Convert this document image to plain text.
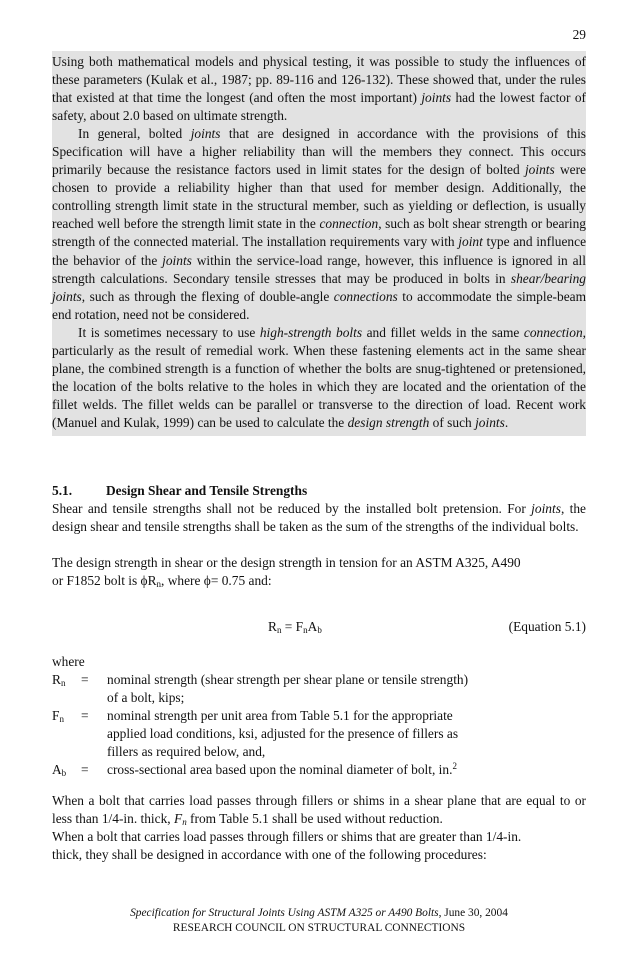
29

Using both mathematical models and physical testing, it was possible to study the influences of these parameters (Kulak et al., 1987; pp. 89-116 and 126-132). These showed that, under the rules that existed at that time the longest (and often the most important) joints had the lowest factor of safety, about 2.0 based on ultimate strength.

In general, bolted joints that are designed in accordance with the provisions of this Specification will have a higher reliability than will the members they connect. This occurs primarily because the resistance factors used in limit states for the design of bolted joints were chosen to provide a reliability higher than that used for member design. Additionally, the controlling strength limit state in the structural member, such as yielding or deflection, is usually reached well before the strength limit state in the connection, such as bolt shear strength or bearing strength of the connected material. The installation requirements vary with joint type and influence the behavior of the joints within the service-load range, however, this influence is ignored in all strength calculations. Secondary tensile stresses that may be produced in bolts in shear/bearing joints, such as through the flexing of double-angle connections to accommodate the simple-beam end rotation, need not be considered.

It is sometimes necessary to use high-strength bolts and fillet welds in the same connection, particularly as the result of remedial work. When these fastening elements act in the same shear plane, the combined strength is a function of whether the bolts are snug-tightened or pretensioned, the location of the bolts relative to the holes in which they are located and the orientation of the fillet welds. The fillet welds can be parallel or transverse to the direction of load. Recent work (Manuel and Kulak, 1999) can be used to calculate the design strength of such joints.

5.1.	Design Shear and Tensile Strengths
Shear and tensile strengths shall not be reduced by the installed bolt pretension. For joints, the design shear and tensile strengths shall be taken as the sum of the strengths of the individual bolts.
The design strength in shear or the design strength in tension for an ASTM A325, A490
or F1852 bolt is $\phi R_n$, where ϕ= 0.75 and:
$R_n = F_nA_b$	(Equation 5.1)
where
$R_n$ = nominal strength (shear strength per shear plane or tensile strength)
of a bolt, kips;
$F_n$ = nominal strength per unit area from Table 5.1 for the appropriate
applied load conditions, ksi, adjusted for the presence of fillers as
fillers as required below, and,
$A_b$ = cross-sectional area based upon the nominal diameter of bolt, in.$^2$
When a bolt that carries load passes through fillers or shims in a shear plane that are equal to or less than 1/4-in. thick, $F_n$ from Table 5.1 shall be used without reduction.
When a bolt that carries load passes through fillers or shims that are greater than 1/4-in.
thick, they shall be designed in accordance with one of the following procedures:
Specification for Structural Joints Using ASTM A325 or A490 Bolts, June 30, 2004
RESEARCH COUNCIL ON STRUCTURAL CONNECTIONS
